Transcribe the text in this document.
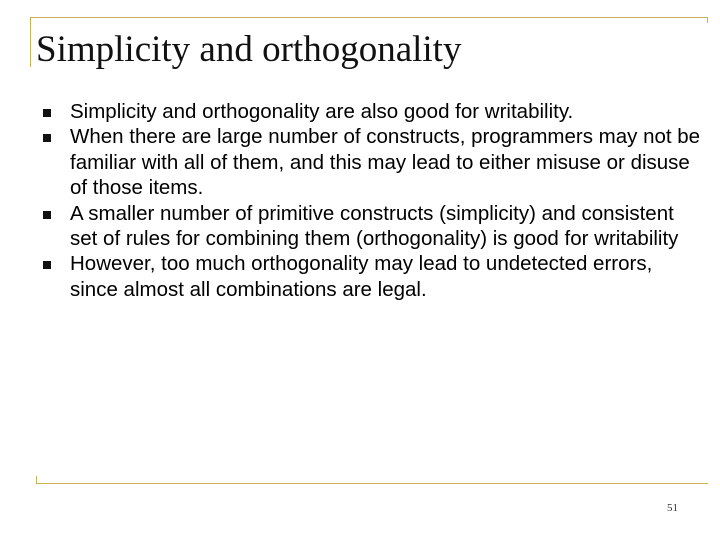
Simplicity and orthogonality
Simplicity and orthogonality are also good for writability.
When there are large number of constructs, programmers may not be familiar with all of them, and this may lead to either misuse or disuse of those items.
A smaller number of primitive constructs (simplicity) and consistent set of rules for combining them (orthogonality) is good for writability
However, too much orthogonality may lead to undetected errors, since almost all combinations are legal.
51
